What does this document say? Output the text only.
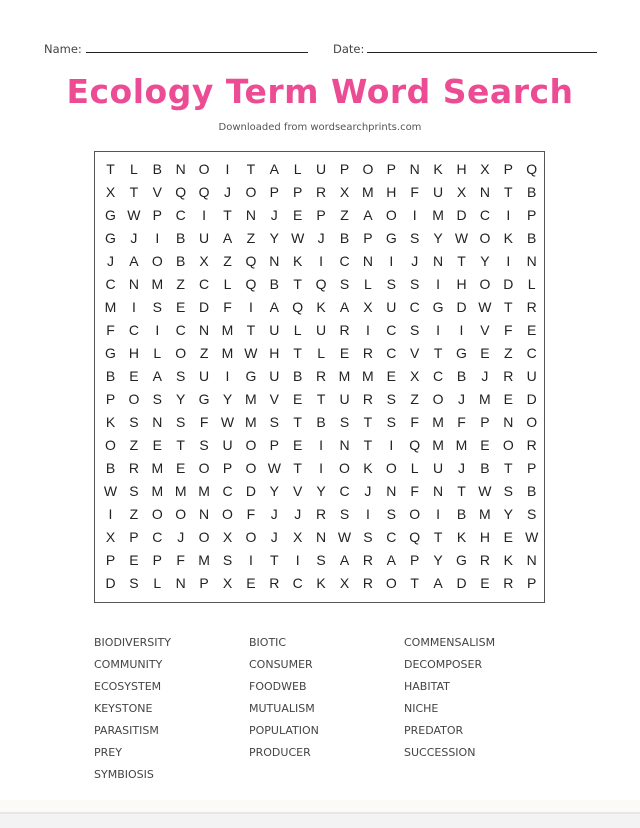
Name:	Date:
Ecology Term Word Search
Downloaded from wordsearchprints.com
T	L	B N O	I	T	A	L	U P O P N K H X	P Q
X	T	V Q Q	J	O P	P R X M H	F	U X N	T	B
G W P C	I	T	N	J	E	P	Z	A O	I	M D C	I	P
G	J	I	B U A	Z	Y W J	B	P G S	Y W O K	B
J	A O B	X	Z Q N K	I	C N	I	J	N	T	Y	I	N
C N M Z	C	L	Q B	T Q S	L	S	S	I	H O D	L
M	I	S	E D	F	I	A Q K	A	X U C G D W T	R
F	C	I	C N M T	U	L	U R	I	C S	I	I	V	F	E
G H	L	O Z M W H	T	L	E R C V	T G E	Z	C
B	E	A	S U	I	G U B R M M E	X C B	J	R U
P O S	Y G Y M V	E	T	U R S	Z O	J	M E D
K	S N S	F W M S	T	B	S	T	S	F M F	P N O
O Z	E	T	S U O P	E	I	N	T	I	Q M M E O R
B R M E O P O W T	I	O K O	L	U	J	B	T	P
W S M M M C D Y	V	Y C	J	N	F	N	T W S	B
I	Z O O N O F	J	J	R S	I	S O	I	B M Y	S
X	P C	J	O X O	J	X N W S C Q T	K H E W
P	E	P	F M S	I	T	I	S	A R A	P	Y G R K N
D S	L	N P	X	E R C K	X R O T	A D E R P
BIODIVERSITY
COMMUNITY
ECOSYSTEM
KEYSTONE
PARASITISM
PREY
SYMBIOSIS
BIOTIC
CONSUMER
FOODWEB
MUTUALISM
POPULATION
PRODUCER
COMMENSALISM
DECOMPOSER
HABITAT
NICHE
PREDATOR
SUCCESSION
